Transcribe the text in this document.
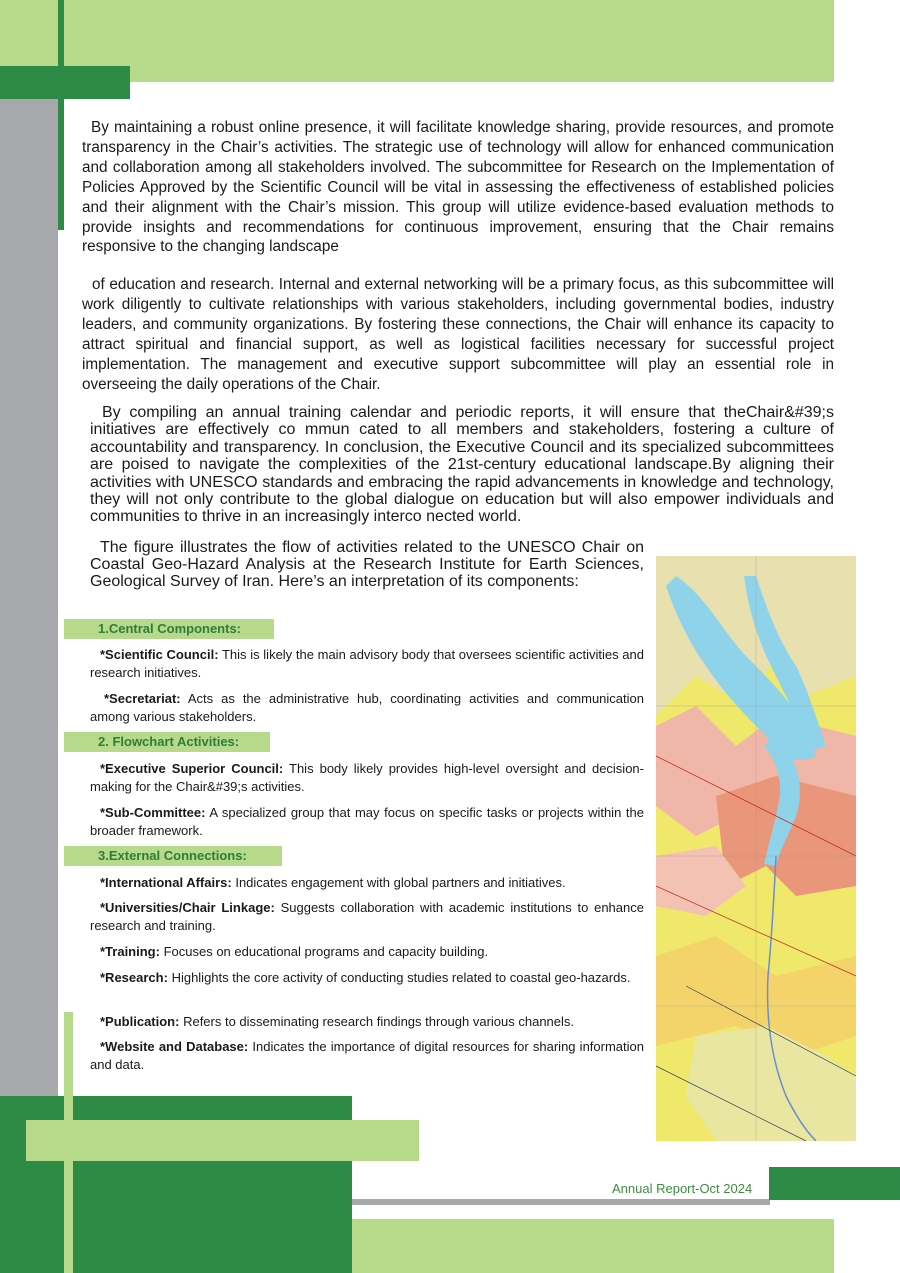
By maintaining a robust online presence, it will facilitate knowledge sharing, provide resources, and promote transparency in the Chair’s activities. The strategic use of technology will allow for enhanced communication and collaboration among all stakeholders involved. The subcommittee for Research on the Implementation of Policies Approved by the Scientific Council will be vital in assessing the effectiveness of established policies and their alignment with the Chair’s mission. This group will utilize evidence-based evaluation methods to provide insights and recommendations for continuous improvement, ensuring that the Chair remains responsive to the changing landscape

of education and research. Internal and external networking will be a primary focus, as this subcommittee will work diligently to cultivate relationships with various stakeholders, including governmental bodies, industry leaders, and community organizations. By fostering these connections, the Chair will enhance its capacity to attract spiritual and financial support, as well as logistical facilities necessary for successful project implementation. The management and executive support subcommittee will play an essential role in overseeing the daily operations of the Chair.

By compiling an annual training calendar and periodic reports, it will ensure that theChair&#39;s initiatives are effectively co mmun cated to all members and stakeholders, fostering a culture of accountability and transparency. In conclusion, the Executive Council and its specialized subcommittees are poised to navigate the complexities of the 21st-century educational landscape.By aligning their activities with UNESCO standards and embracing the rapid advancements in knowledge and technology, they will not only contribute to the global dialogue on education but will also empower individuals and communities to thrive in an increasingly interco nected world.

The figure illustrates the flow of activities related to the UNESCO Chair on Coastal Geo-Hazard Analysis at the Research Institute for Earth Sciences, Geological Survey of Iran. Here’s an interpretation of its components:

1.Central Components:

*Scientific Council: This is likely the main advisory body that oversees scientific activities and research initiatives.

*Secretariat: Acts as the administrative hub, coordinating activities and communication among various stakeholders.

2. Flowchart Activities:

*Executive Superior Council: This body likely provides high-level oversight and decision-making for the Chair&#39;s activities.

*Sub-Committee: A specialized group that may focus on specific tasks or projects within the broader framework.

3.External Connections:

*International Affairs: Indicates engagement with global partners and initiatives.

*Universities/Chair Linkage: Suggests collaboration with academic institutions to enhance research and training.

*Training: Focuses on educational programs and capacity building.

*Research: Highlights the core activity of conducting studies related to coastal geo-hazards.

*Publication: Refers to disseminating research findings through various channels.

*Website and Database: Indicates the importance of digital resources for sharing information and data.

Annual Report-Oct 2024 20
